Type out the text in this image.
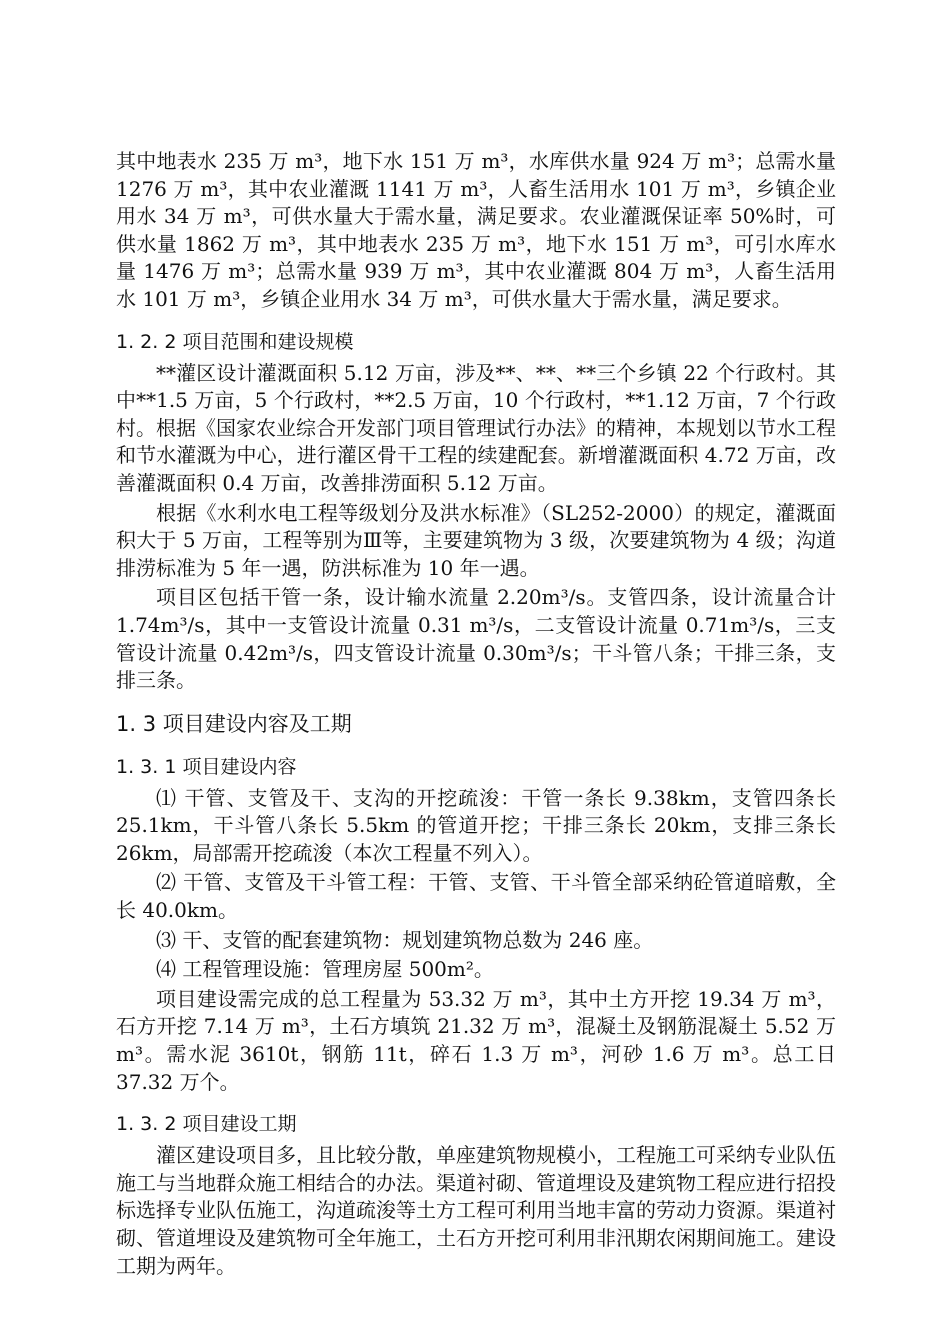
其中地表水 235 万 m³，地下水 151 万 m³，水库供水量 924 万 m³；总需水量 1276 万 m³，其中农业灌溉 1141 万 m³，人畜生活用水 101 万 m³，乡镇企业用水 34 万 m³，可供水量大于需水量，满足要求。农业灌溉保证率 50%时，可供水量 1862 万 m³，其中地表水 235 万 m³，地下水 151 万 m³，可引水库水量 1476 万 m³；总需水量 939 万 m³，其中农业灌溉 804 万 m³，人畜生活用水 101 万 m³，乡镇企业用水 34 万 m³，可供水量大于需水量，满足要求。

1. 2. 2 项目范围和建设规模

**灌区设计灌溉面积 5.12 万亩，涉及**、**、**三个乡镇 22 个行政村。其中**1.5 万亩，5 个行政村，**2.5 万亩，10 个行政村，**1.12 万亩，7 个行政村。根据《国家农业综合开发部门项目管理试行办法》的精神，本规划以节水工程和节水灌溉为中心，进行灌区骨干工程的续建配套。新增灌溉面积 4.72 万亩，改善灌溉面积 0.4 万亩，改善排涝面积 5.12 万亩。

根据《水利水电工程等级划分及洪水标准》（SL252-2000）的规定，灌溉面积大于 5 万亩，工程等别为Ⅲ等，主要建筑物为 3 级，次要建筑物为 4 级；沟道排涝标准为 5 年一遇，防洪标准为 10 年一遇。

项目区包括干管一条，设计输水流量 2.20m³/s。支管四条，设计流量合计 1.74m³/s，其中一支管设计流量 0.31 m³/s，二支管设计流量 0.71m³/s，三支管设计流量 0.42m³/s，四支管设计流量 0.30m³/s；干斗管八条；干排三条，支排三条。

1. 3 项目建设内容及工期
1. 3. 1 项目建设内容

⑴ 干管、支管及干、支沟的开挖疏浚：干管一条长 9.38km，支管四条长 25.1km，干斗管八条长 5.5km 的管道开挖；干排三条长 20km，支排三条长 26km，局部需开挖疏浚（本次工程量不列入）。

⑵ 干管、支管及干斗管工程：干管、支管、干斗管全部采纳砼管道暗敷，全长 40.0km。

⑶ 干、支管的配套建筑物：规划建筑物总数为 246 座。

⑷ 工程管理设施：管理房屋 500m²。

项目建设需完成的总工程量为 53.32 万 m³，其中土方开挖 19.34 万 m³，石方开挖 7.14 万 m³，土石方填筑 21.32 万 m³，混凝土及钢筋混凝土 5.52 万 m³。需水泥 3610t，钢筋 11t，碎石 1.3 万 m³，河砂 1.6 万 m³。总工日 37.32 万个。

1. 3. 2 项目建设工期

灌区建设项目多，且比较分散，单座建筑物规模小，工程施工可采纳专业队伍施工与当地群众施工相结合的办法。渠道衬砌、管道埋设及建筑物工程应进行招投标选择专业队伍施工，沟道疏浚等土方工程可利用当地丰富的劳动力资源。渠道衬砌、管道埋设及建筑物可全年施工，土石方开挖可利用非汛期农闲期间施工。建设工期为两年。
